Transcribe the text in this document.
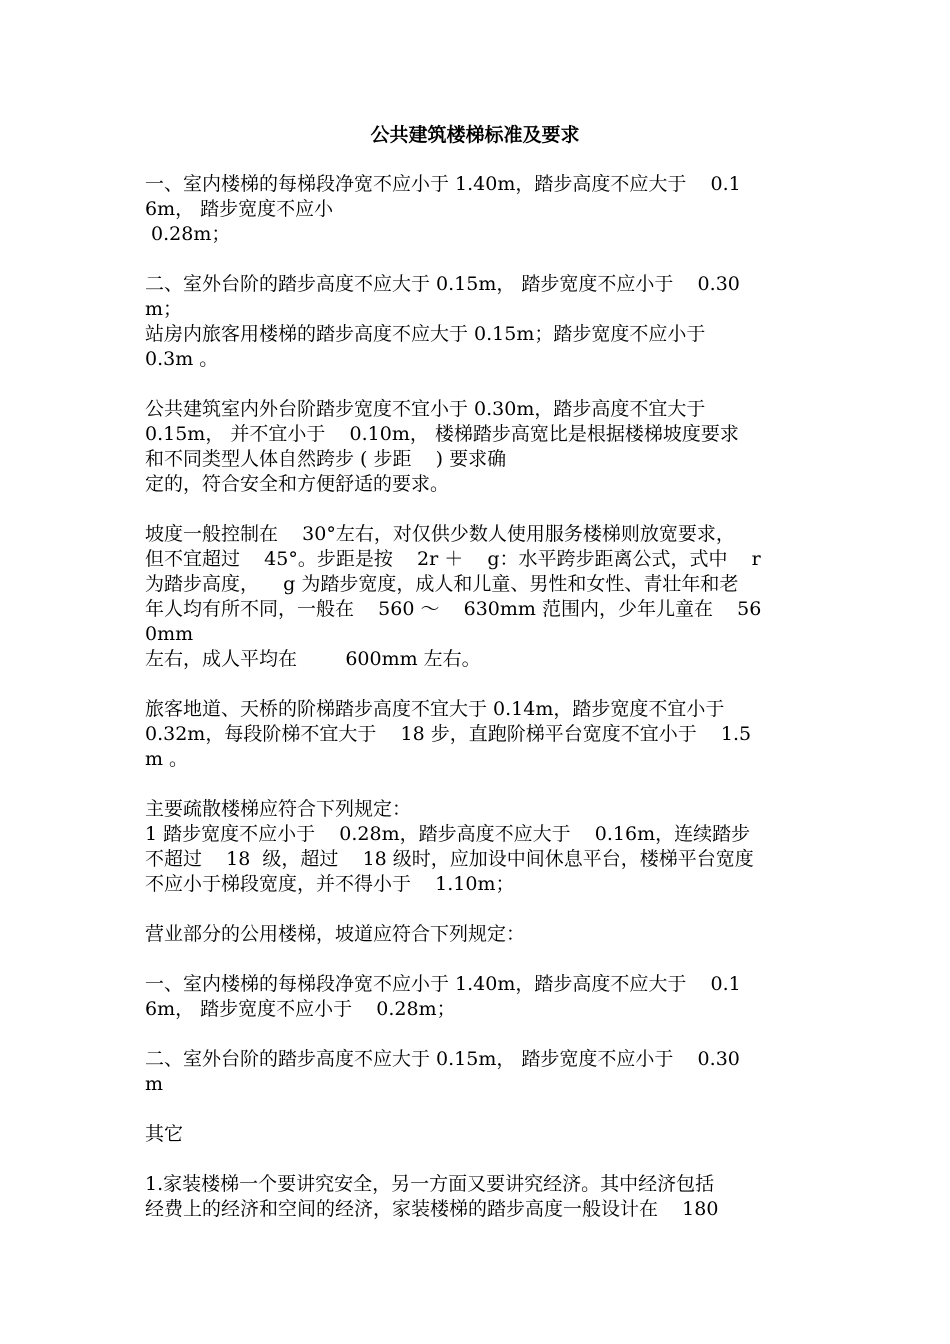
公共建筑楼梯标准及要求
一、室内楼梯的每梯段净宽不应小于 1.40m，踏步高度不应大于    0.1
6m， 踏步宽度不应小
0.28m；
二、室外台阶的踏步高度不应大于 0.15m， 踏步宽度不应小于    0.30
m；
站房内旅客用楼梯的踏步高度不应大于 0.15m；踏步宽度不应小于
0.3m 。
公共建筑室内外台阶踏步宽度不宜小于 0.30m，踏步高度不宜大于
0.15m， 并不宜小于    0.10m， 楼梯踏步高宽比是根据楼梯坡度要求
和不同类型人体自然跨步 ( 步距    ) 要求确
定的，符合安全和方便舒适的要求。
坡度一般控制在    30°左右，对仅供少数人使用服务楼梯则放宽要求，
但不宜超过    45°。步距是按    2r ＋    g：水平跨步距离公式，式中    r
为踏步高度，    g 为踏步宽度，成人和儿童、男性和女性、青壮年和老
年人均有所不同，一般在    560 ～    630mm 范围内，少年儿童在    56
0mm
左右，成人平均在        600mm 左右。
旅客地道、天桥的阶梯踏步高度不宜大于 0.14m，踏步宽度不宜小于
0.32m，每段阶梯不宜大于    18 步，直跑阶梯平台宽度不宜小于    1.5
m 。
主要疏散楼梯应符合下列规定：
1 踏步宽度不应小于    0.28m，踏步高度不应大于    0.16m，连续踏步
不超过    18  级，超过    18 级时，应加设中间休息平台，楼梯平台宽度
不应小于梯段宽度，并不得小于    1.10m；
营业部分的公用楼梯，坡道应符合下列规定：
一、室内楼梯的每梯段净宽不应小于 1.40m，踏步高度不应大于    0.1
6m， 踏步宽度不应小于    0.28m；
二、室外台阶的踏步高度不应大于 0.15m， 踏步宽度不应小于    0.30
m
其它
1.家装楼梯一个要讲究安全，另一方面又要讲究经济。其中经济包括
经费上的经济和空间的经济，家装楼梯的踏步高度一般设计在    180
